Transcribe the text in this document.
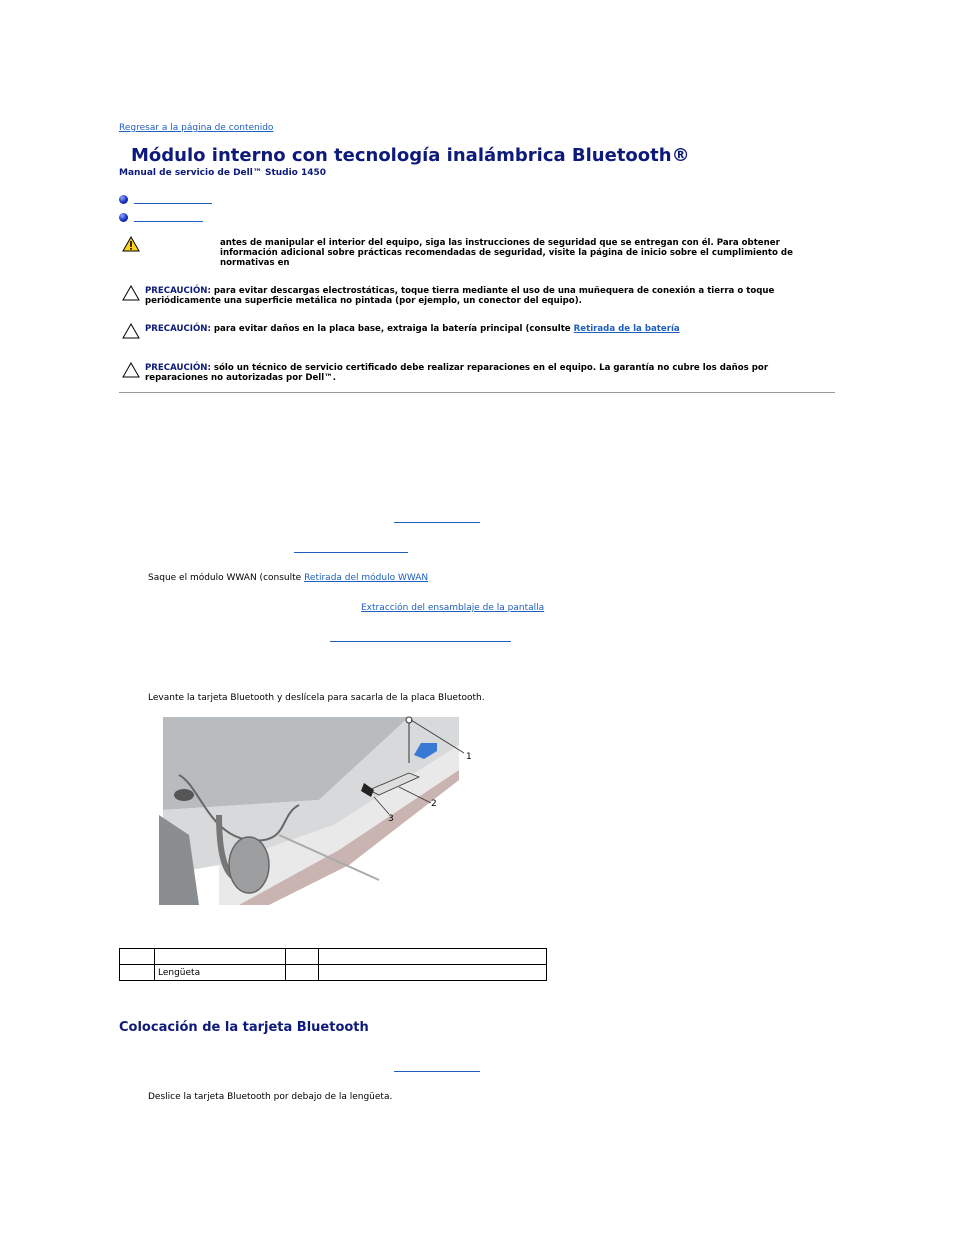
Regresar a la página de contenido
Módulo interno con tecnología inalámbrica Bluetooth®
Manual de servicio de Dell™ Studio 1450
antes de manipular el interior del equipo, siga las instrucciones de seguridad que se entregan con él. Para obtener información adicional sobre prácticas recomendadas de seguridad, visite la página de inicio sobre el cumplimiento de normativas en
PRECAUCIÓN: para evitar descargas electrostáticas, toque tierra mediante el uso de una muñequera de conexión a tierra o toque periódicamente una superficie metálica no pintada (por ejemplo, un conector del equipo).
PRECAUCIÓN: para evitar daños en la placa base, extraiga la batería principal (consulte Retirada de la batería
PRECAUCIÓN: sólo un técnico de servicio certificado debe realizar reparaciones en el equipo. La garantía no cubre los daños por reparaciones no autorizadas por Dell™.
Saque el módulo WWAN (consulte Retirada del módulo WWAN
Extracción del ensamblaje de la pantalla
Levante la tarjeta Bluetooth y deslícela para sacarla de la placa Bluetooth.
1
2
3

	Lengüeta		
Colocación de la tarjeta Bluetooth
Deslice la tarjeta Bluetooth por debajo de la lengüeta.
